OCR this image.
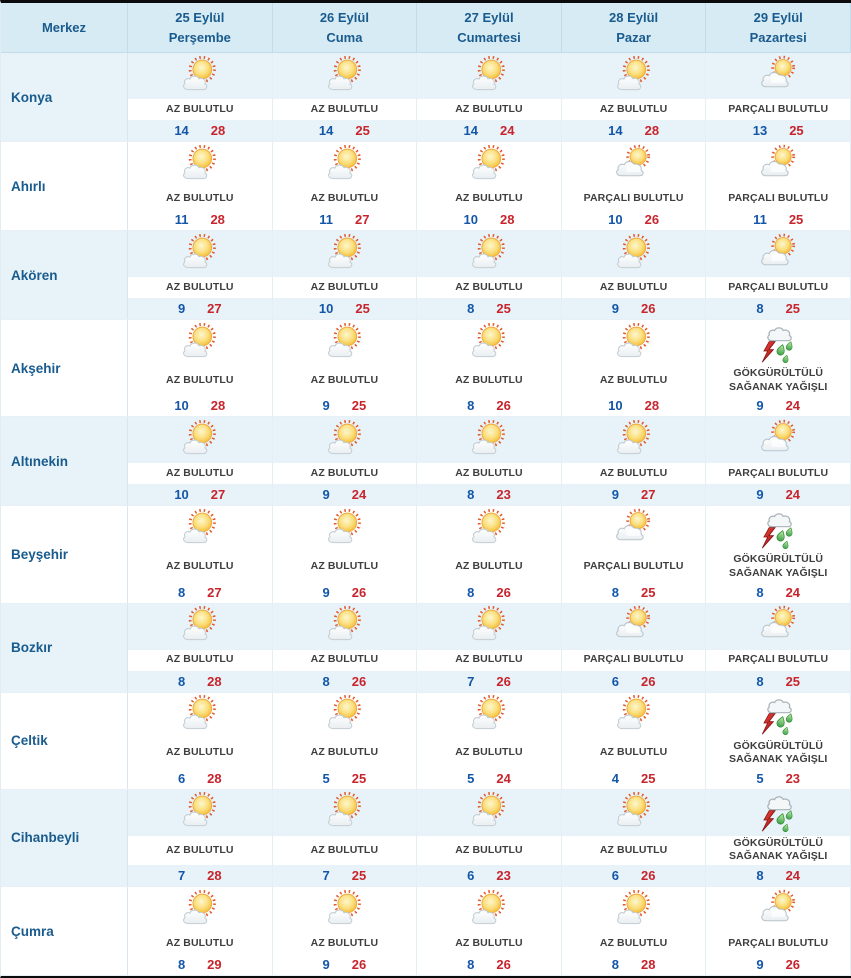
Merkez
25 Eylül
Perşembe
26 Eylül
Cuma
27 Eylül
Cumartesi
28 Eylül
Pazar
29 Eylül
Pazartesi
Konya
AZ BULUTLU
14 28
AZ BULUTLU
14 25
AZ BULUTLU
14 24
AZ BULUTLU
14 28
PARÇALI BULUTLU
13 25
Ahırlı
AZ BULUTLU
11 28
AZ BULUTLU
11 27
AZ BULUTLU
10 28
PARÇALI BULUTLU
10 26
PARÇALI BULUTLU
11 25
Akören
AZ BULUTLU
9 27
AZ BULUTLU
10 25
AZ BULUTLU
8 25
AZ BULUTLU
9 26
PARÇALI BULUTLU
8 25
Akşehir
AZ BULUTLU
10 28
AZ BULUTLU
9 25
AZ BULUTLU
8 26
AZ BULUTLU
10 28
GÖKGÜRÜLTÜLÜ SAĞANAK YAĞIŞLI
9 24
Altınekin
AZ BULUTLU
10 27
AZ BULUTLU
9 24
AZ BULUTLU
8 23
AZ BULUTLU
9 27
PARÇALI BULUTLU
9 24
Beyşehir
AZ BULUTLU
8 27
AZ BULUTLU
9 26
AZ BULUTLU
8 26
PARÇALI BULUTLU
8 25
GÖKGÜRÜLTÜLÜ SAĞANAK YAĞIŞLI
8 24
Bozkır
AZ BULUTLU
8 28
AZ BULUTLU
8 26
AZ BULUTLU
7 26
PARÇALI BULUTLU
6 26
PARÇALI BULUTLU
8 25
Çeltik
AZ BULUTLU
6 28
AZ BULUTLU
5 25
AZ BULUTLU
5 24
AZ BULUTLU
4 25
GÖKGÜRÜLTÜLÜ SAĞANAK YAĞIŞLI
5 23
Cihanbeyli
AZ BULUTLU
7 28
AZ BULUTLU
7 25
AZ BULUTLU
6 23
AZ BULUTLU
6 26
GÖKGÜRÜLTÜLÜ SAĞANAK YAĞIŞLI
8 24
Çumra
AZ BULUTLU
8 29
AZ BULUTLU
9 26
AZ BULUTLU
8 26
AZ BULUTLU
8 28
PARÇALI BULUTLU
9 26
